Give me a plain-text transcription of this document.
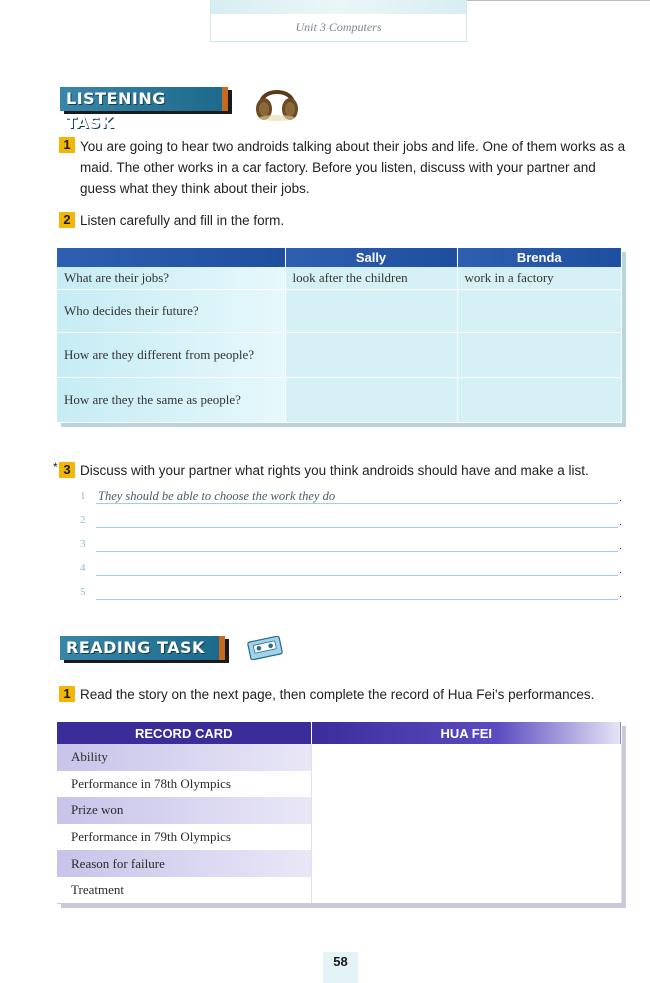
Unit 3 Computers
LISTENING TASK
1 You are going to hear two androids talking about their jobs and life. One of them works as a maid. The other works in a car factory. Before you listen, discuss with your partner and guess what they think about their jobs.
2 Listen carefully and fill in the form.
	Sally	Brenda
What are their jobs?	look after the children	work in a factory
Who decides their future?		
How are they different from people?		
How are they the same as people?		
* 3 Discuss with your partner what rights you think androids should have and make a list.
1 They should be able to choose the work they do	.
2	.
3	.
4	.
5	.
READING TASK
1 Read the story on the next page, then complete the record of Hua Fei's performances.
RECORD CARD	HUA FEI
Ability	
Performance in 78th Olympics	
Prize won	
Performance in 79th Olympics	
Reason for failure	
Treatment	
58
